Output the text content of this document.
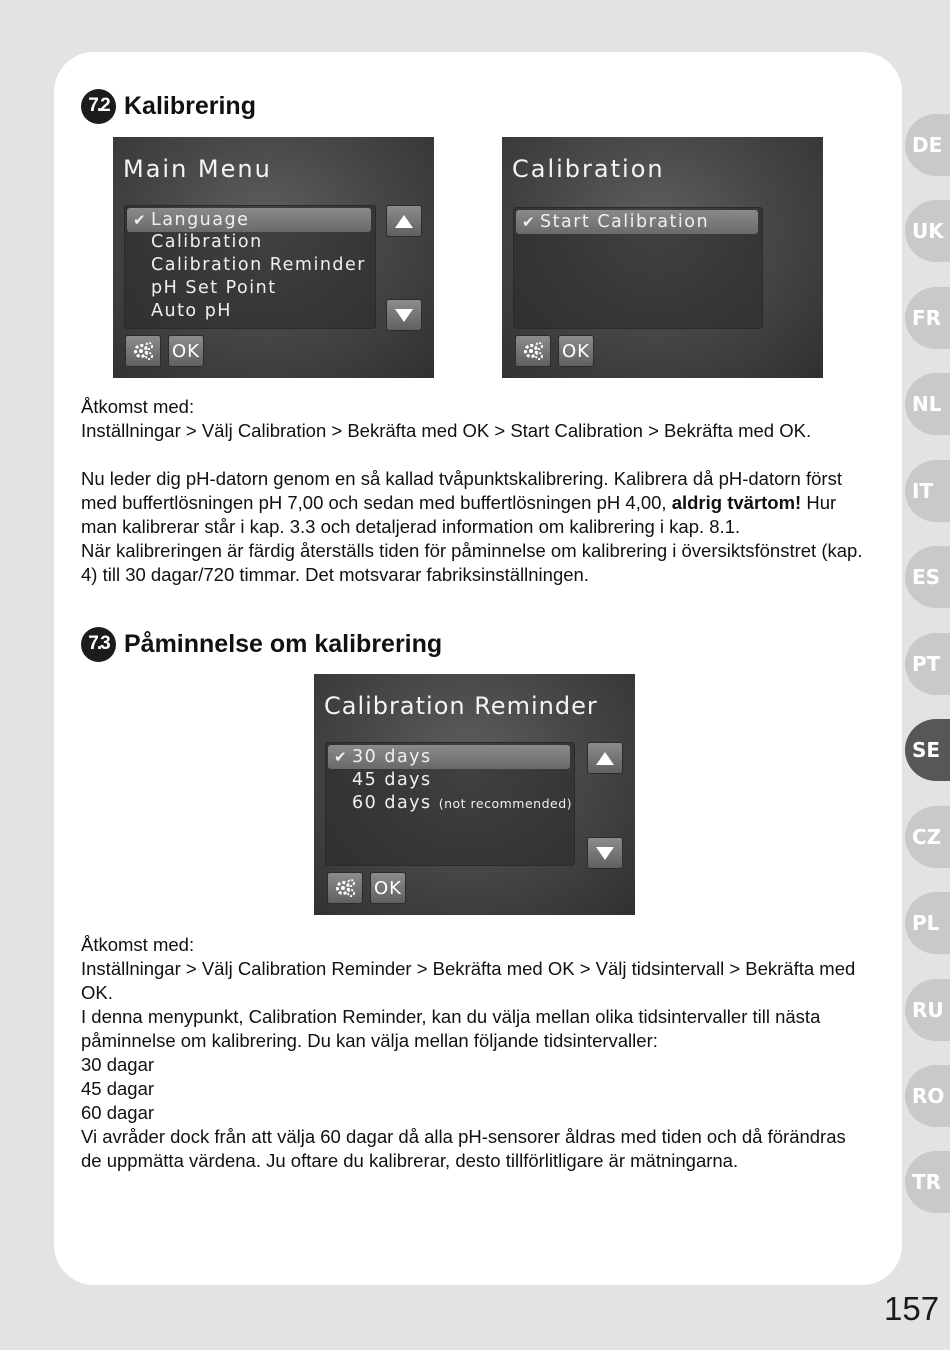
DE
UK
FR
NL
IT
ES
PT
SE
CZ
PL
RU
RO
TR
157
7.2 Kalibrering
Main Menu
✔ Language
Calibration
Calibration Reminder
pH Set Point
Auto pH
OK
Calibration
✔ Start Calibration
OK

Åtkomst med:

Inställningar > Välj Calibration > Bekräfta med OK > Start Calibration > Bekräfta med OK.

Nu leder dig pH-datorn genom en så kallad tvåpunktskalibrering. Kalibrera då pH-datorn först med buffertlösningen pH 7,00 och sedan med buffertlösningen pH 4,00, aldrig tvärtom! Hur man kalibrerar står i kap. 3.3 och detaljerad information om kalibrering i kap. 8.1.

När kalibreringen är färdig återställs tiden för påminnelse om kalibrering i översiktsfönstret (kap. 4) till 30 dagar/720 timmar. Det motsvarar fabriksinställningen.

7.3 Påminnelse om kalibrering
Calibration Reminder
✔ 30 days
45 days
60 days (not recommended)
OK

Åtkomst med:

Inställningar > Välj Calibration Reminder > Bekräfta med OK > Välj tidsintervall > Bekräfta med OK.

I denna menypunkt, Calibration Reminder, kan du välja mellan olika tidsintervaller till nästa påminnelse om kalibrering. Du kan välja mellan följande tidsintervaller:

30 dagar

45 dagar

60 dagar

Vi avråder dock från att välja 60 dagar då alla pH-sensorer åldras med tiden och då förändras de uppmätta värdena. Ju oftare du kalibrerar, desto tillförlitligare är mätningarna.
